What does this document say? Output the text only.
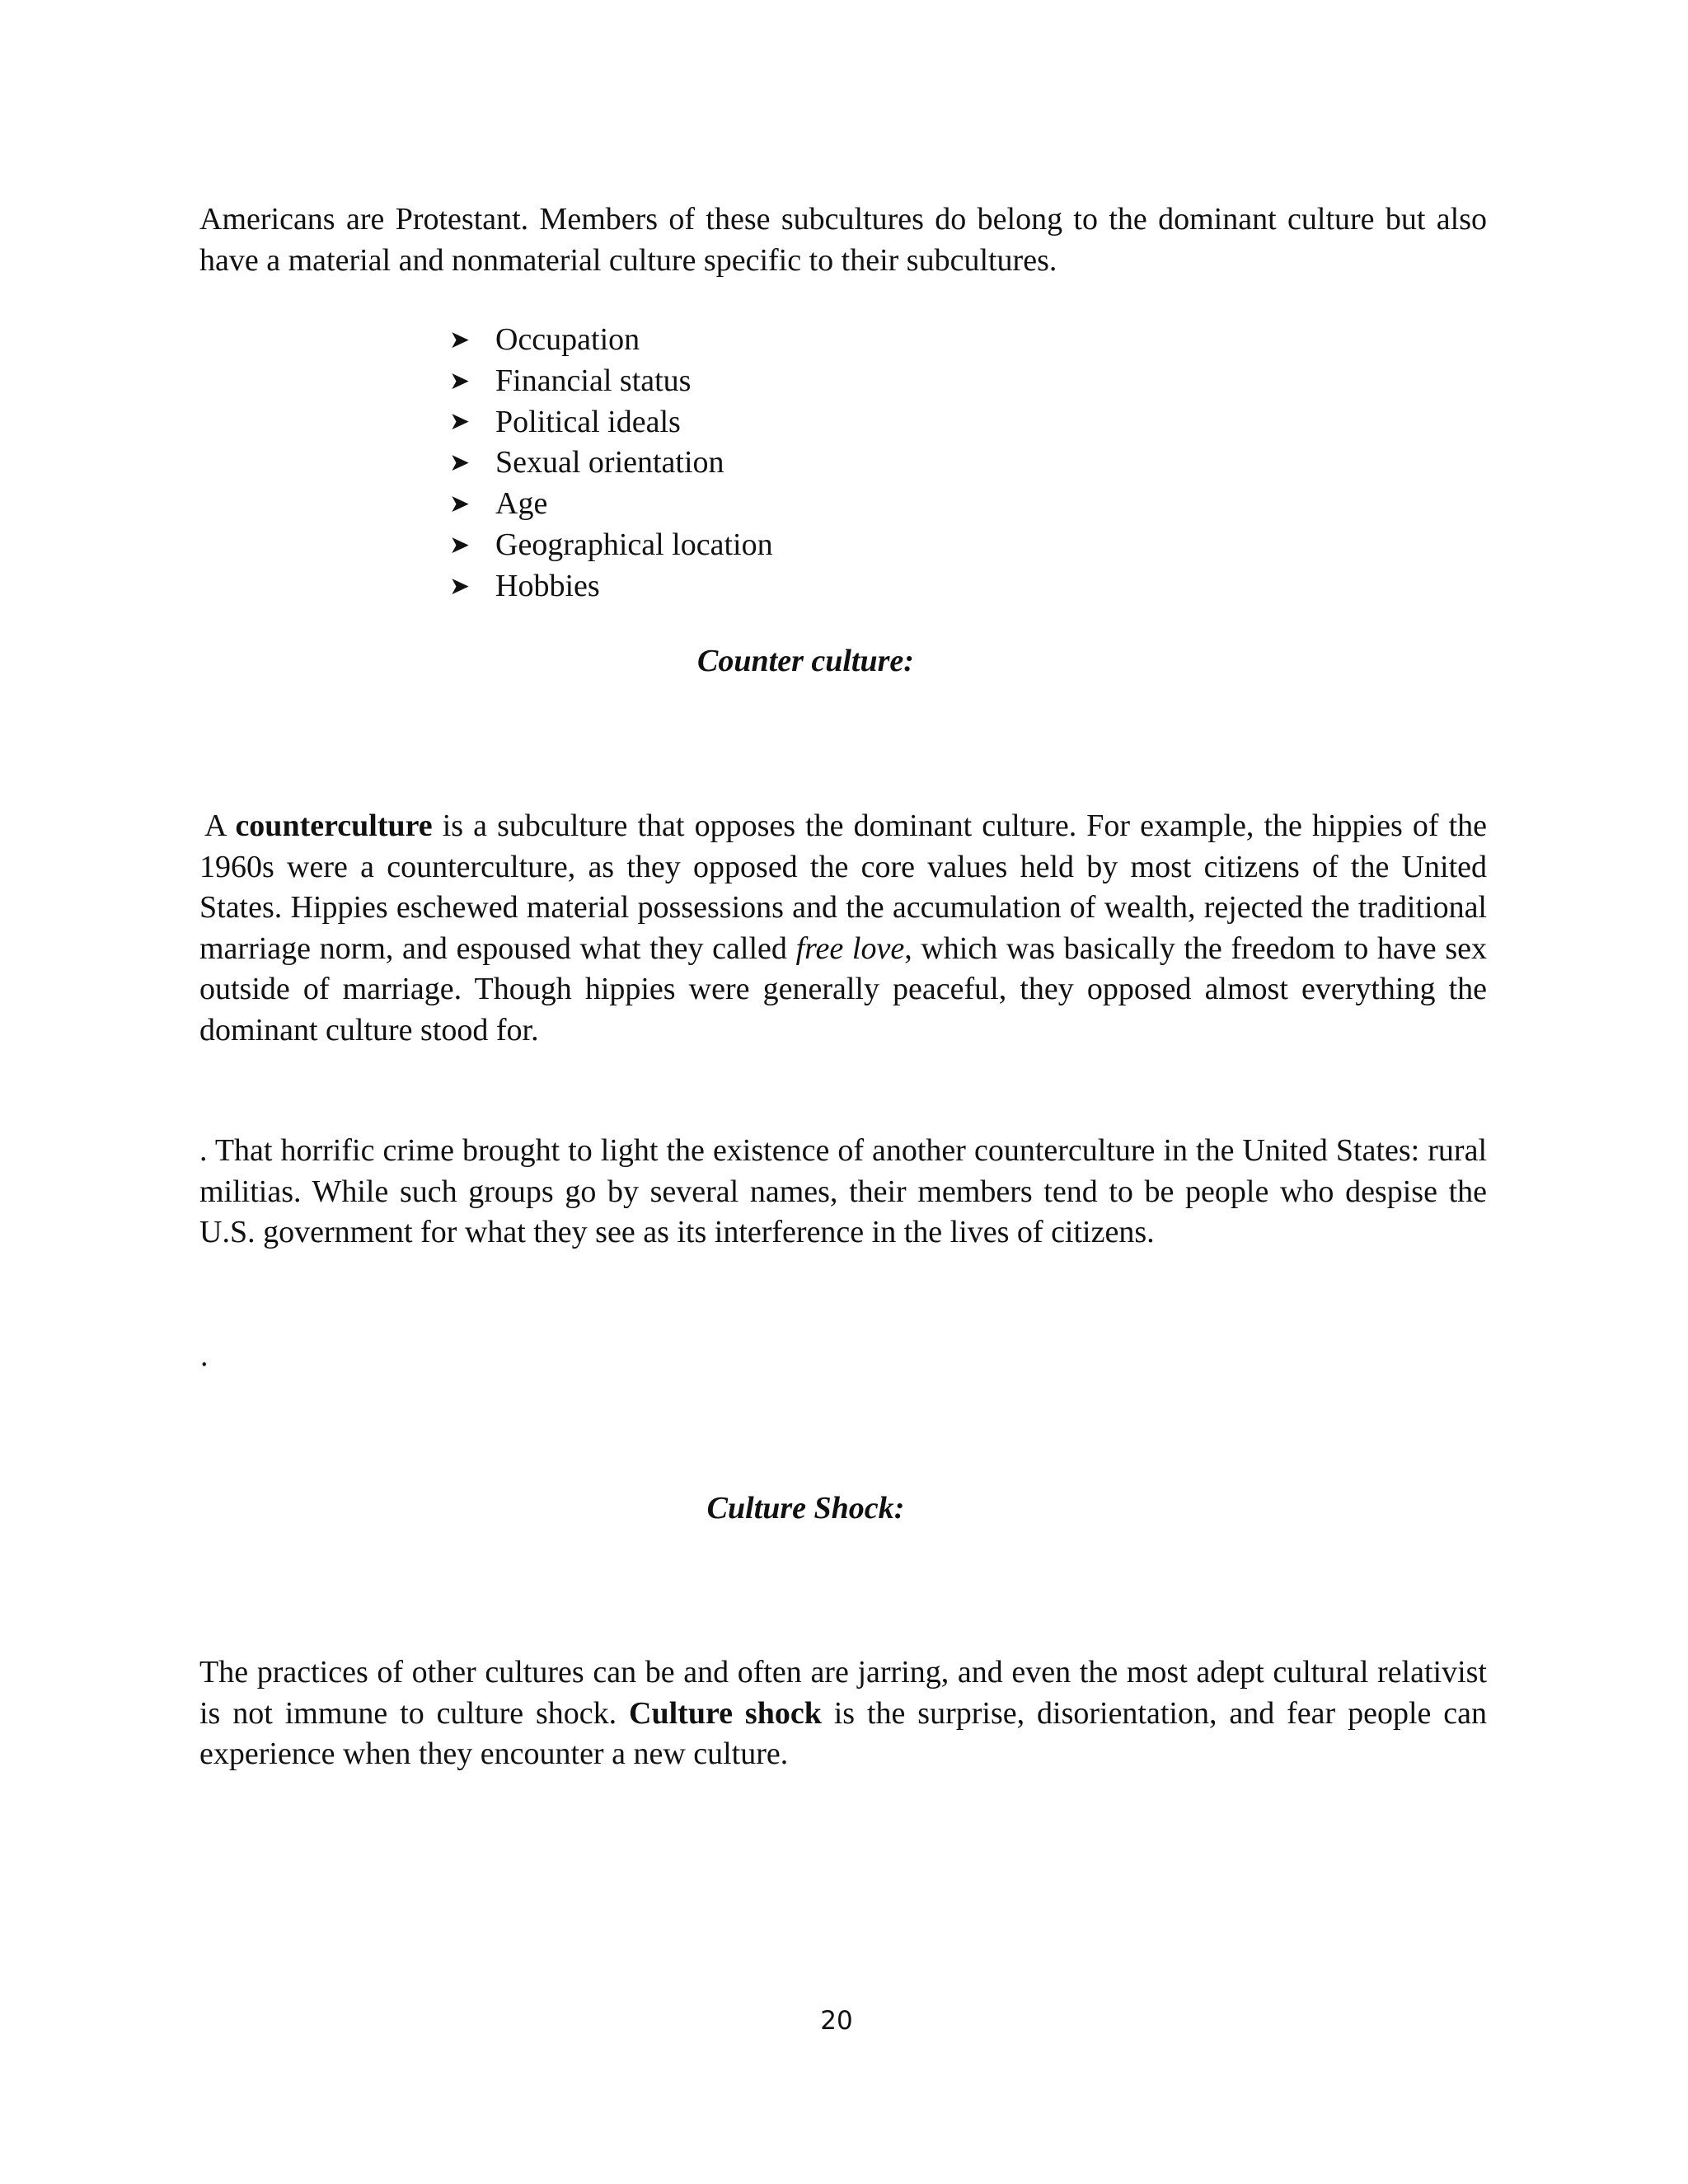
Americans are Protestant. Members of these subcultures do belong to the dominant culture but also have a material and nonmaterial culture specific to their subcultures.

➤ Occupation
➤ Financial status
➤ Political ideals
➤ Sexual orientation
➤ Age
➤ Geographical location
➤ Hobbies
Counter culture:

A counterculture is a subculture that opposes the dominant culture. For example, the hippies of the 1960s were a counterculture, as they opposed the core values held by most citizens of the United States. Hippies eschewed material possessions and the accumulation of wealth, rejected the traditional marriage norm, and espoused what they called free love, which was basically the freedom to have sex outside of marriage. Though hippies were generally peaceful, they opposed almost everything the dominant culture stood for.

. That horrific crime brought to light the existence of another counterculture in the United States: rural militias. While such groups go by several names, their members tend to be people who despise the U.S. government for what they see as its interference in the lives of citizens.

.
Culture Shock:

The practices of other cultures can be and often are jarring, and even the most adept cultural relativist is not immune to culture shock. Culture shock is the surprise, disorientation, and fear people can experience when they encounter a new culture.

20
